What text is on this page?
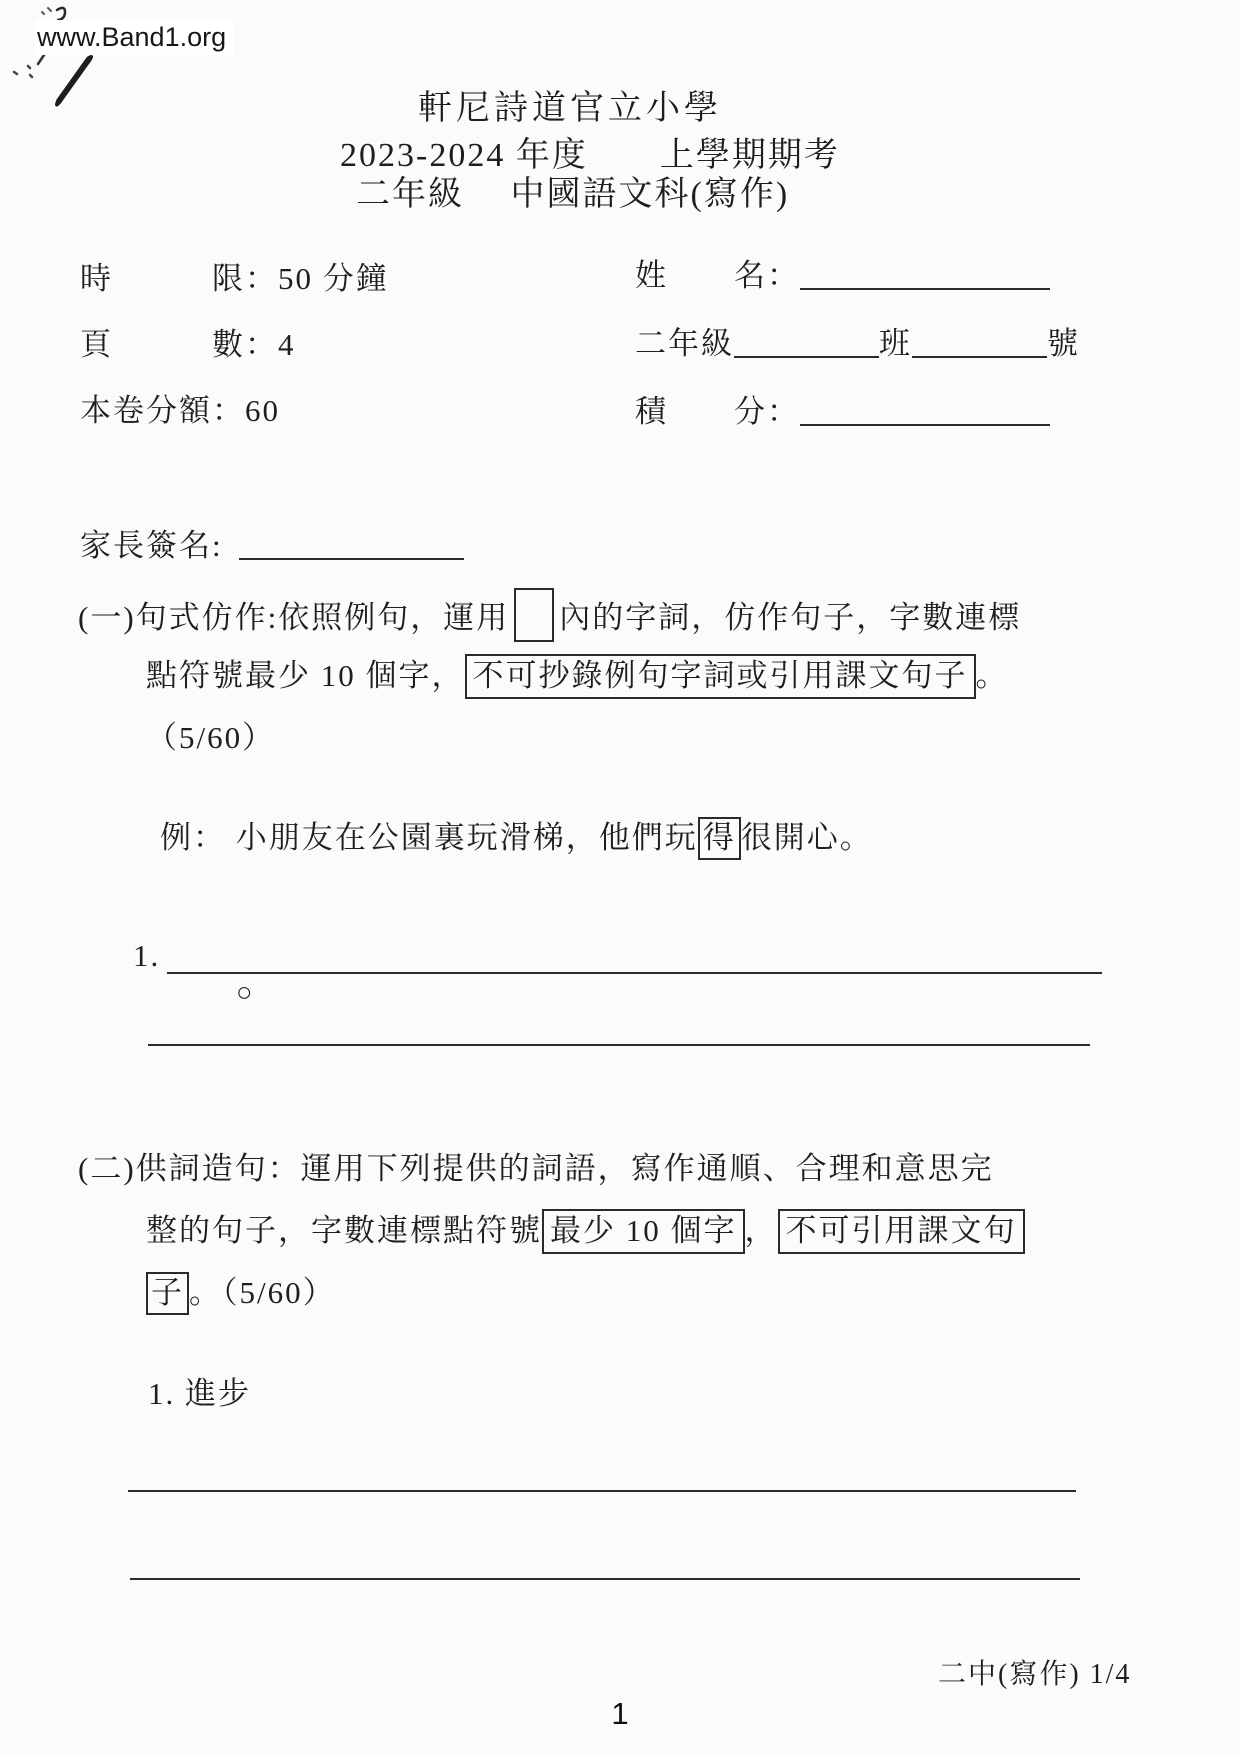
www.Band1.org
軒尼詩道官立小學
2023-2024 年度　　上學期期考
二年級　 中國語文科(寫作)
時　　　限：50 分鐘
頁　　　數：4
本卷分額：60
姓　　名：
二年級	班	號
積　　分：
家長簽名:  
(一)句式仿作:依照例句，運用 內的字詞，仿作句子，字數連標
點符號最少 10 個字， 不可抄錄例句字詞或引用課文句子 。
（5/60）
例： 小朋友在公園裏玩滑梯，他們玩 得 很開心。
1.
○
(二)供詞造句：運用下列提供的詞語，寫作通順、合理和意思完
整的句子，字數連標點符號 最少 10 個字 ， 不可引用課文句
子 。（5/60）
1. 進步
二中(寫作) 1/4
1
